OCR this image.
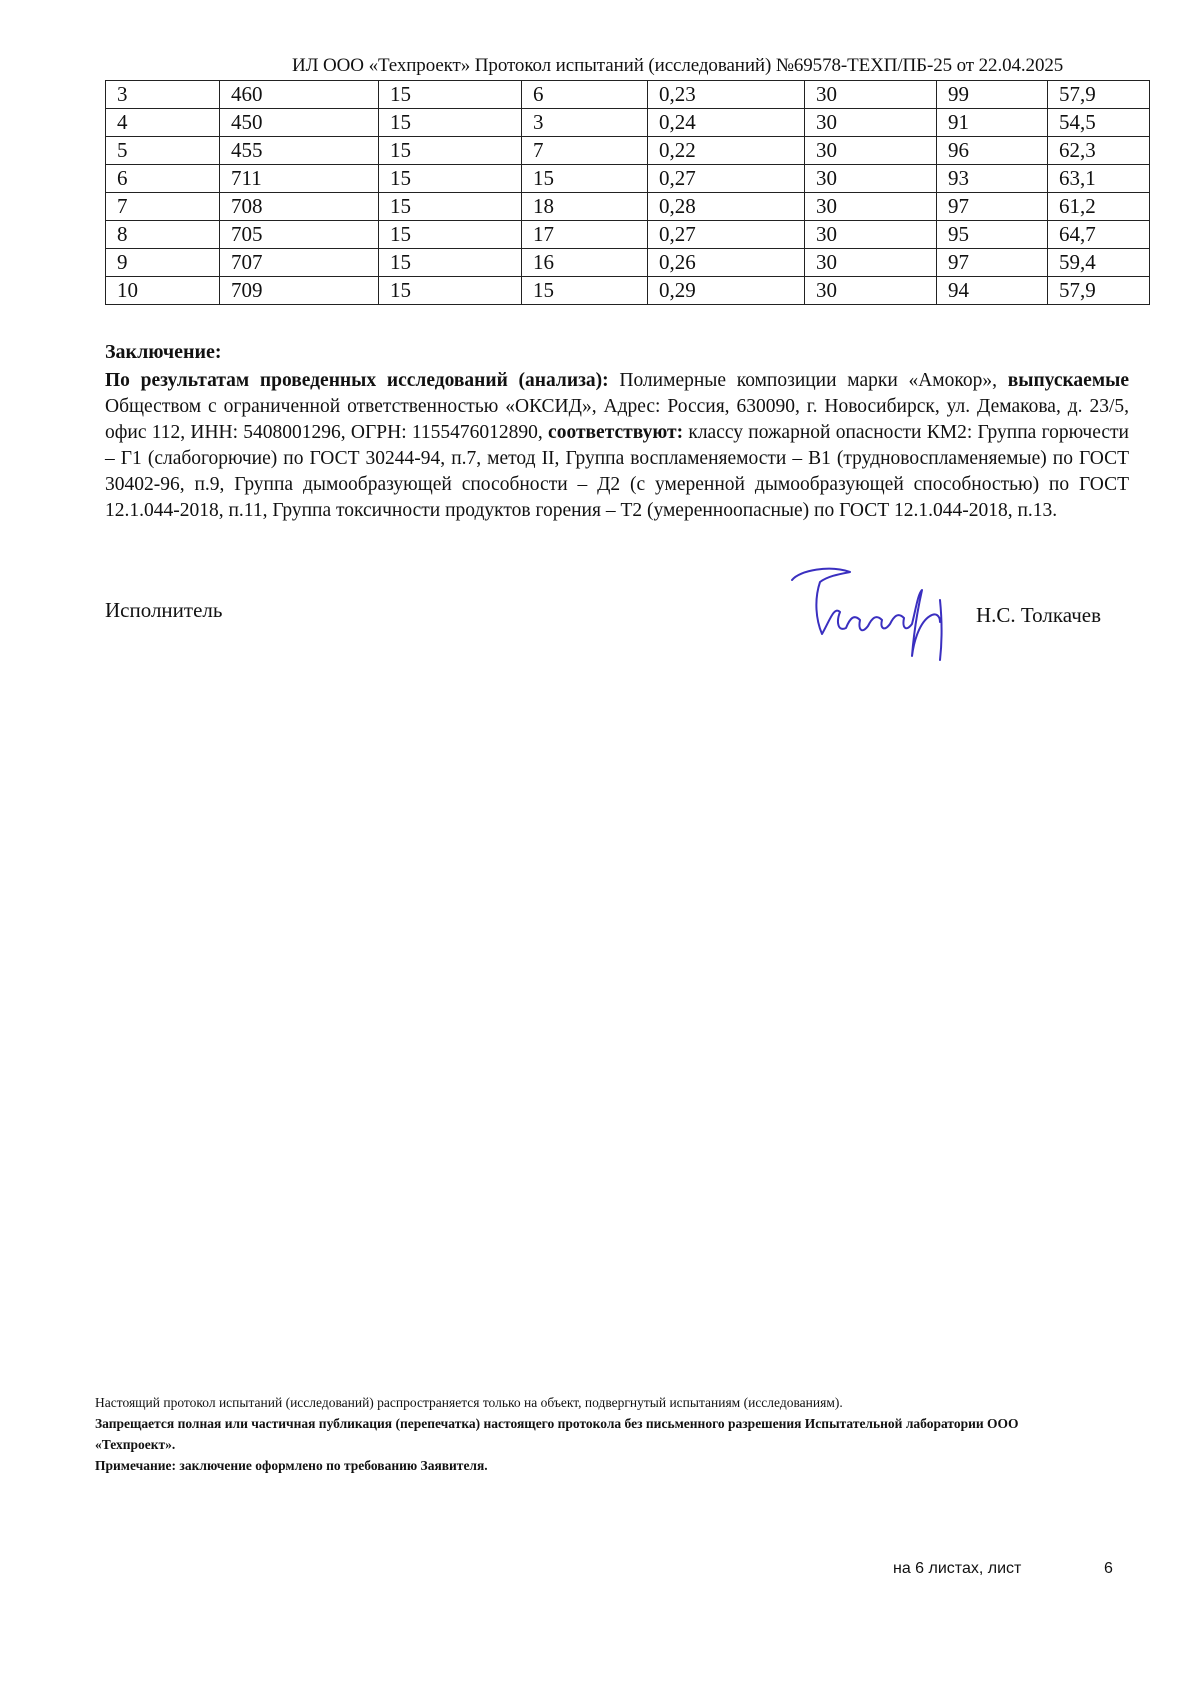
ИЛ ООО «Техпроект» Протокол испытаний (исследований) №69578-ТЕХП/ПБ-25 от 22.04.2025
3	460	15	6	0,23	30	99	57,9
4	450	15	3	0,24	30	91	54,5
5	455	15	7	0,22	30	96	62,3
6	711	15	15	0,27	30	93	63,1
7	708	15	18	0,28	30	97	61,2
8	705	15	17	0,27	30	95	64,7
9	707	15	16	0,26	30	97	59,4
10	709	15	15	0,29	30	94	57,9
Заключение:

По результатам проведенных исследований (анализа): Полимерные композиции марки «Амокор», выпускаемые Обществом с ограниченной ответственностью «ОКСИД», Адрес: Россия, 630090, г. Новосибирск, ул. Демакова, д. 23/5, офис 112, ИНН: 5408001296, ОГРН: 1155476012890, соответствуют: классу пожарной опасности КМ2: Группа горючести – Г1 (слабогорючие) по ГОСТ 30244-94, п.7, метод II, Группа воспламеняемости – В1 (трудновоспламеняемые) по ГОСТ 30402-96, п.9, Группа дымообразующей способности – Д2 (с умеренной дымообразующей способностью) по ГОСТ 12.1.044-2018, п.11, Группа токсичности продуктов горения – Т2 (умеренноопасные) по ГОСТ 12.1.044-2018, п.13.

Исполнитель	Н.С. Толкачев
Настоящий протокол испытаний (исследований) распространяется только на объект, подвергнутый испытаниям (исследованиям).
Запрещается полная или частичная публикация (перепечатка) настоящего протокола без письменного разрешения Испытательной лаборатории ООО «Техпроект».
Примечание: заключение оформлено по требованию Заявителя.
на 6 листах, лист	6
